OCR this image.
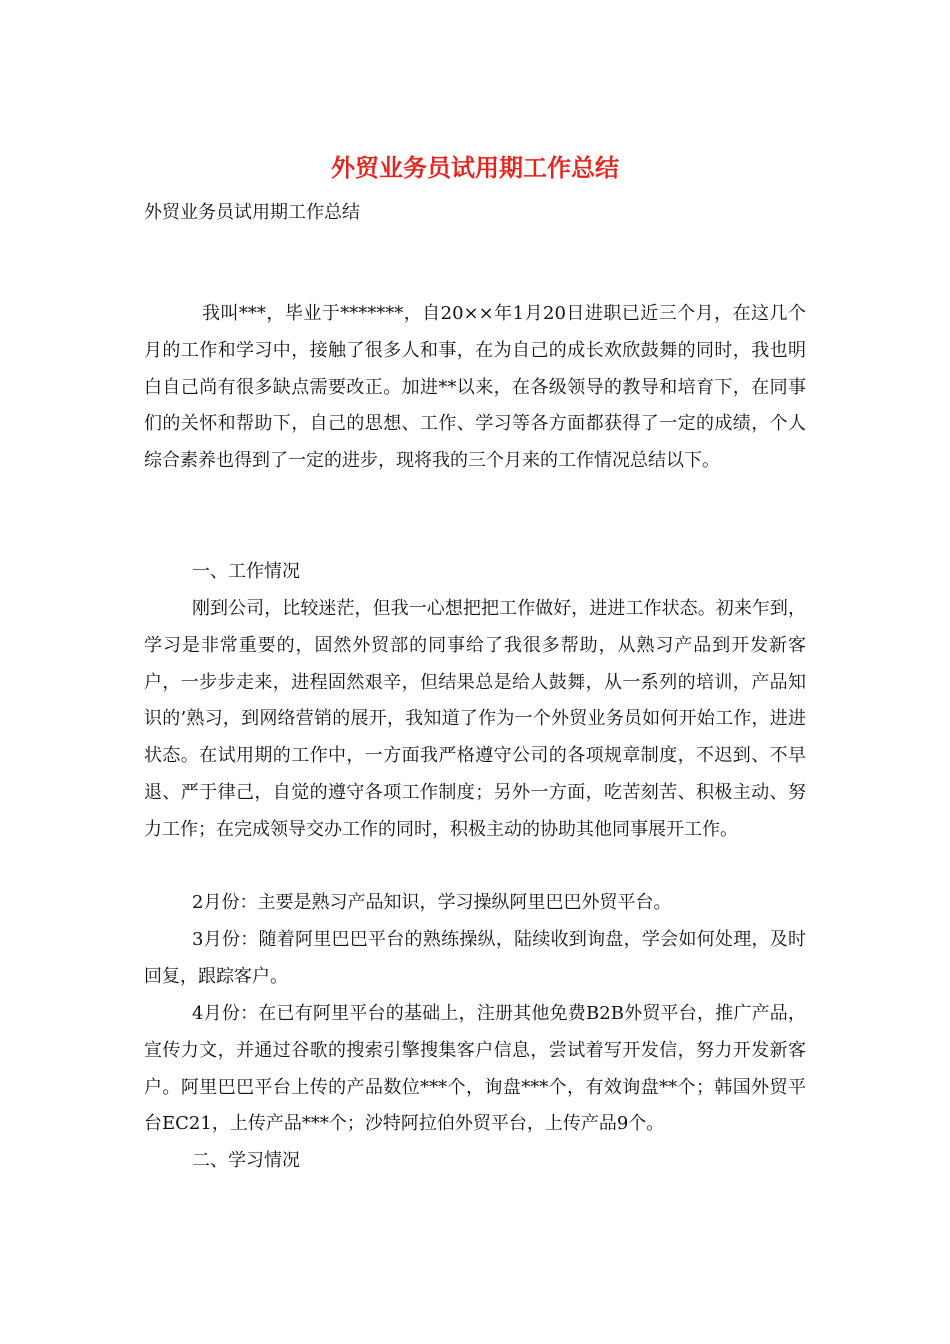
外贸业务员试用期工作总结

外贸业务员试用期工作总结

我叫***，毕业于*******，自20××年1月20日进职已近三个月，在这几个月的工作和学习中，接触了很多人和事，在为自己的成长欢欣鼓舞的同时，我也明白自己尚有很多缺点需要改正。加进**以来，在各级领导的教导和培育下，在同事们的关怀和帮助下，自己的思想、工作、学习等各方面都获得了一定的成绩，个人综合素养也得到了一定的进步，现将我的三个月来的工作情况总结以下。

一、工作情况

刚到公司，比较迷茫，但我一心想把把工作做好，进进工作状态。初来乍到，学习是非常重要的，固然外贸部的同事给了我很多帮助，从熟习产品到开发新客户，一步步走来，进程固然艰辛，但结果总是给人鼓舞，从一系列的培训，产品知识的’熟习，到网络营销的展开，我知道了作为一个外贸业务员如何开始工作，进进状态。在试用期的工作中，一方面我严格遵守公司的各项规章制度，不迟到、不早退、严于律己，自觉的遵守各项工作制度；另外一方面，吃苦刻苦、积极主动、努力工作；在完成领导交办工作的同时，积极主动的协助其他同事展开工作。

2月份：主要是熟习产品知识，学习操纵阿里巴巴外贸平台。

3月份：随着阿里巴巴平台的熟练操纵，陆续收到询盘，学会如何处理，及时回复，跟踪客户。

4月份：在已有阿里平台的基础上，注册其他免费B2B外贸平台，推广产品，宣传力文，并通过谷歌的搜索引擎搜集客户信息，尝试着写开发信，努力开发新客户。阿里巴巴平台上传的产品数位***个，询盘***个，有效询盘**个；韩国外贸平台EC21，上传产品***个；沙特阿拉伯外贸平台，上传产品9个。

二、学习情况
